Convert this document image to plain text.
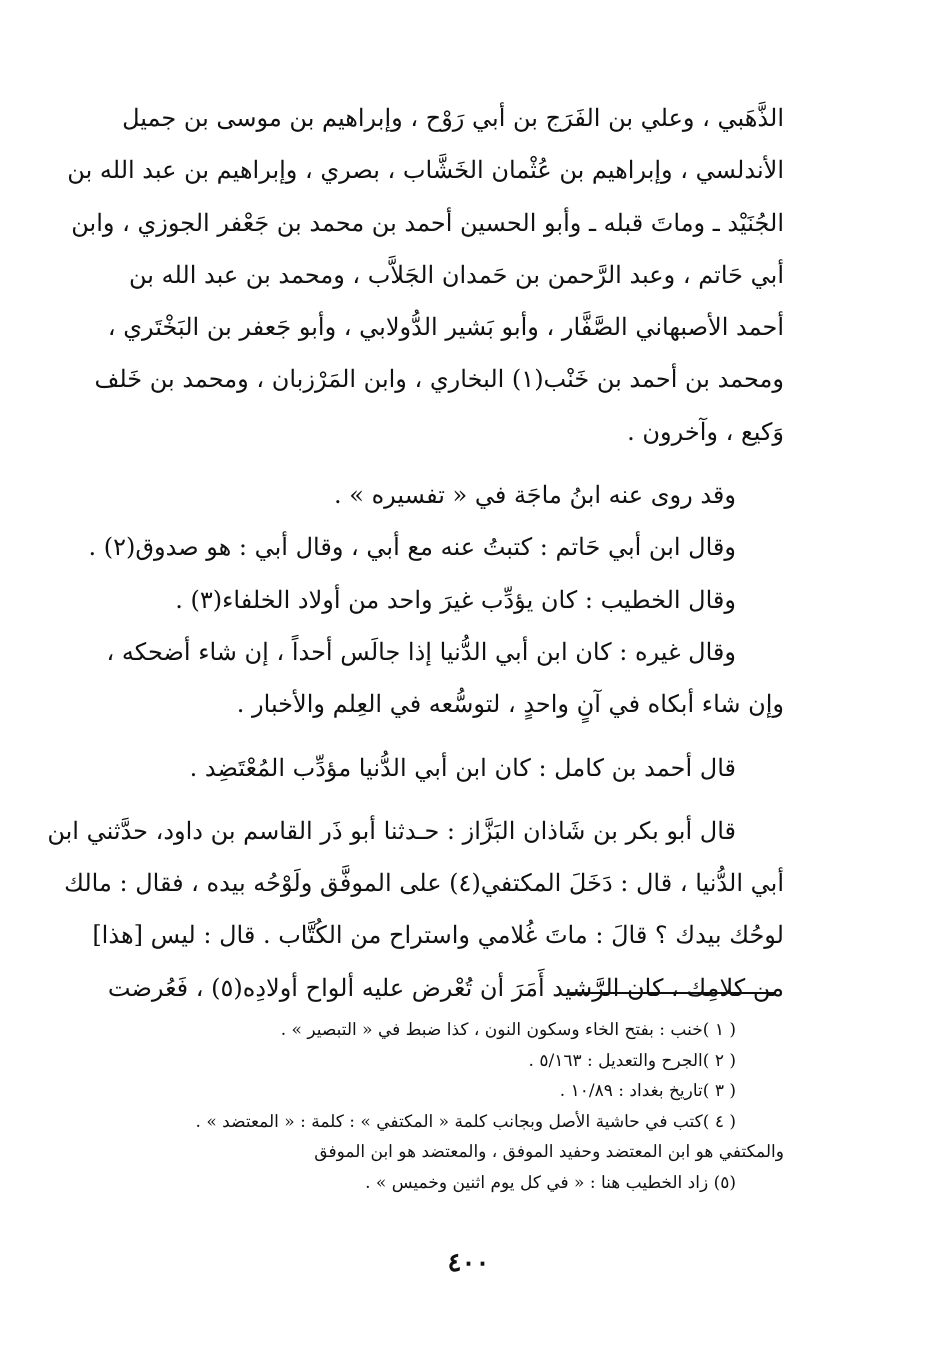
الذَّهَبي ، وعلي بن الفَرَج بن أبي رَوْح ، وإبراهيم بن موسى بن جميل
الأندلسي ، وإبراهيم بن عُثْمان الخَشَّاب ، بصري ، وإبراهيم بن عبد الله بن
الجُنَيْد ـ وماتَ قبله ـ وأبو الحسين أحمد بن محمد بن جَعْفر الجوزي ، وابن
أبي حَاتم ، وعبد الرَّحمن بن حَمدان الجَلاَّب ، ومحمد بن عبد الله بن
أحمد الأصبهاني الصَّفَّار ، وأبو بَشير الدُّولابي ، وأبو جَعفر بن البَخْتَري ،
ومحمد بن أحمد بن خَنْب(١) البخاري ، وابن المَرْزبان ، ومحمد بن خَلف
وَكيع ، وآخرون .
وقد روى عنه ابنُ ماجَة في « تفسيره » .
وقال ابن أبي حَاتم : كتبتُ عنه مع أبي ، وقال أبي : هو صدوق(٢) .
وقال الخطيب : كان يؤدِّب غيرَ واحد من أولاد الخلفاء(٣) .
وقال غيره : كان ابن أبي الدُّنيا إذا جالَس أحداً ، إن شاء أضحكه ،
وإن شاء أبكاه في آنٍ واحدٍ ، لتوسُّعه في العِلم والأخبار .
قال أحمد بن كامل : كان ابن أبي الدُّنيا مؤدِّب المُعْتَضِد .
قال أبو بكر بن شَاذان البَزَّاز : حـدثنا أبو ذَر القاسم بن داود، حدَّثني ابن
أبي الدُّنيا ، قال : دَخَلَ المكتفي(٤) على الموفَّق ولَوْحُه بيده ، فقال : مالك
لوحُك بيدك ؟ قالَ : ماتَ غُلامي واستراح من الكُتَّاب . قال : ليس [هذا]
من كلامِك ، كان الرَّشيد أَمَرَ أن تُعْرض عليه ألواح أولادِه(٥) ، فَعُرضت
( ١ )خنب : بفتح الخاء وسكون النون ، كذا ضبط في « التبصير » .
( ٢ )الجرح والتعديل : ٥/١٦٣ .
( ٣ )تاريخ بغداد : ١٠/٨٩ .
( ٤ )كتب في حاشية الأصل وبجانب كلمة « المكتفي » : كلمة : « المعتضد » .
والمكتفي هو ابن المعتضد وحفيد الموفق ، والمعتضد هو ابن الموفق
(٥) زاد الخطيب هنا : « في كل يوم اثنين وخميس » .
٤٠٠
